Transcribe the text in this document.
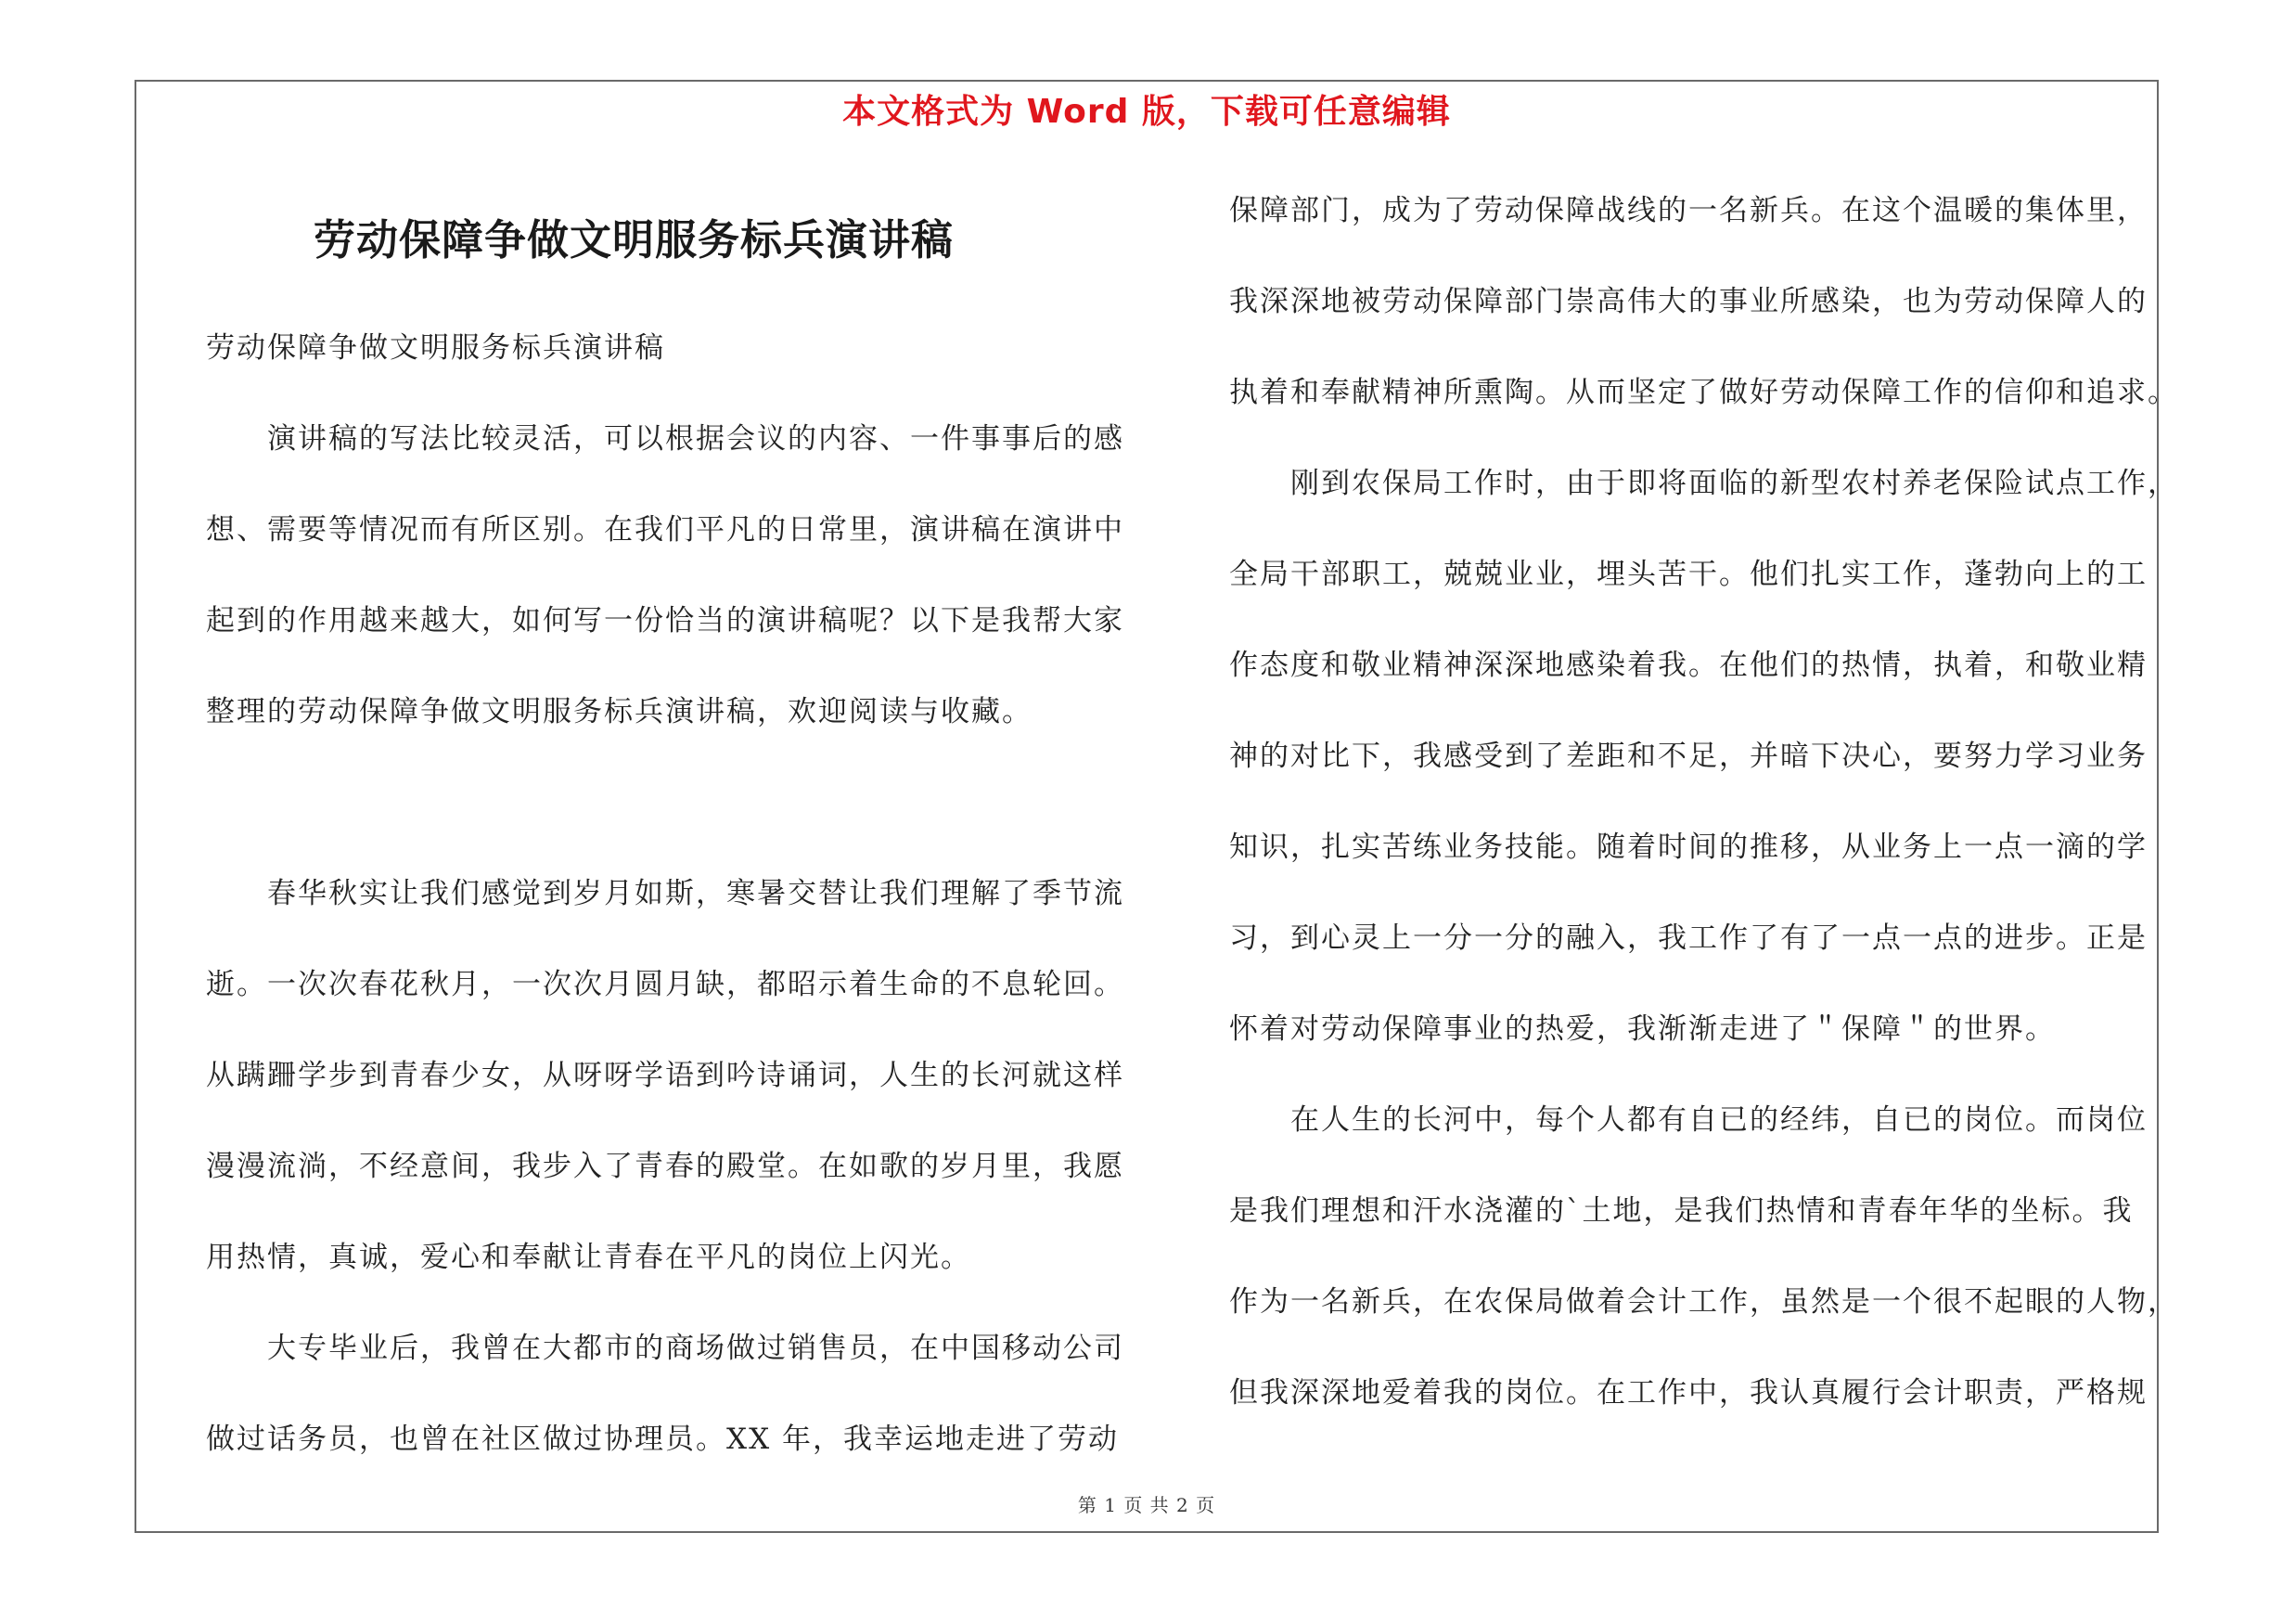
本文格式为 Word 版，下载可任意编辑
劳动保障争做文明服务标兵演讲稿
劳动保障争做文明服务标兵演讲稿
　　演讲稿的写法比较灵活，可以根据会议的内容、一件事事后的感
想、需要等情况而有所区别。在我们平凡的日常里，演讲稿在演讲中
起到的作用越来越大，如何写一份恰当的演讲稿呢？以下是我帮大家
整理的劳动保障争做文明服务标兵演讲稿，欢迎阅读与收藏。
　　春华秋实让我们感觉到岁月如斯，寒暑交替让我们理解了季节流
逝。一次次春花秋月，一次次月圆月缺，都昭示着生命的不息轮回。
从蹒跚学步到青春少女，从呀呀学语到吟诗诵词，人生的长河就这样
漫漫流淌，不经意间，我步入了青春的殿堂。在如歌的岁月里，我愿
用热情，真诚，爱心和奉献让青春在平凡的岗位上闪光。
　　大专毕业后，我曾在大都市的商场做过销售员，在中国移动公司
做过话务员，也曾在社区做过协理员。XX 年，我幸运地走进了劳动
保障部门，成为了劳动保障战线的一名新兵。在这个温暖的集体里，
我深深地被劳动保障部门崇高伟大的事业所感染，也为劳动保障人的
执着和奉献精神所熏陶。从而坚定了做好劳动保障工作的信仰和追求。
　　刚到农保局工作时，由于即将面临的新型农村养老保险试点工作，
全局干部职工，兢兢业业，埋头苦干。他们扎实工作，蓬勃向上的工
作态度和敬业精神深深地感染着我。在他们的热情，执着，和敬业精
神的对比下，我感受到了差距和不足，并暗下决心，要努力学习业务
知识，扎实苦练业务技能。随着时间的推移，从业务上一点一滴的学
习，到心灵上一分一分的融入，我工作了有了一点一点的进步。正是
怀着对劳动保障事业的热爱，我渐渐走进了＂保障＂的世界。
　　在人生的长河中，每个人都有自已的经纬，自已的岗位。而岗位
是我们理想和汗水浇灌的`土地，是我们热情和青春年华的坐标。我
作为一名新兵，在农保局做着会计工作，虽然是一个很不起眼的人物，
但我深深地爱着我的岗位。在工作中，我认真履行会计职责，严格规
第 1 页 共 2 页
